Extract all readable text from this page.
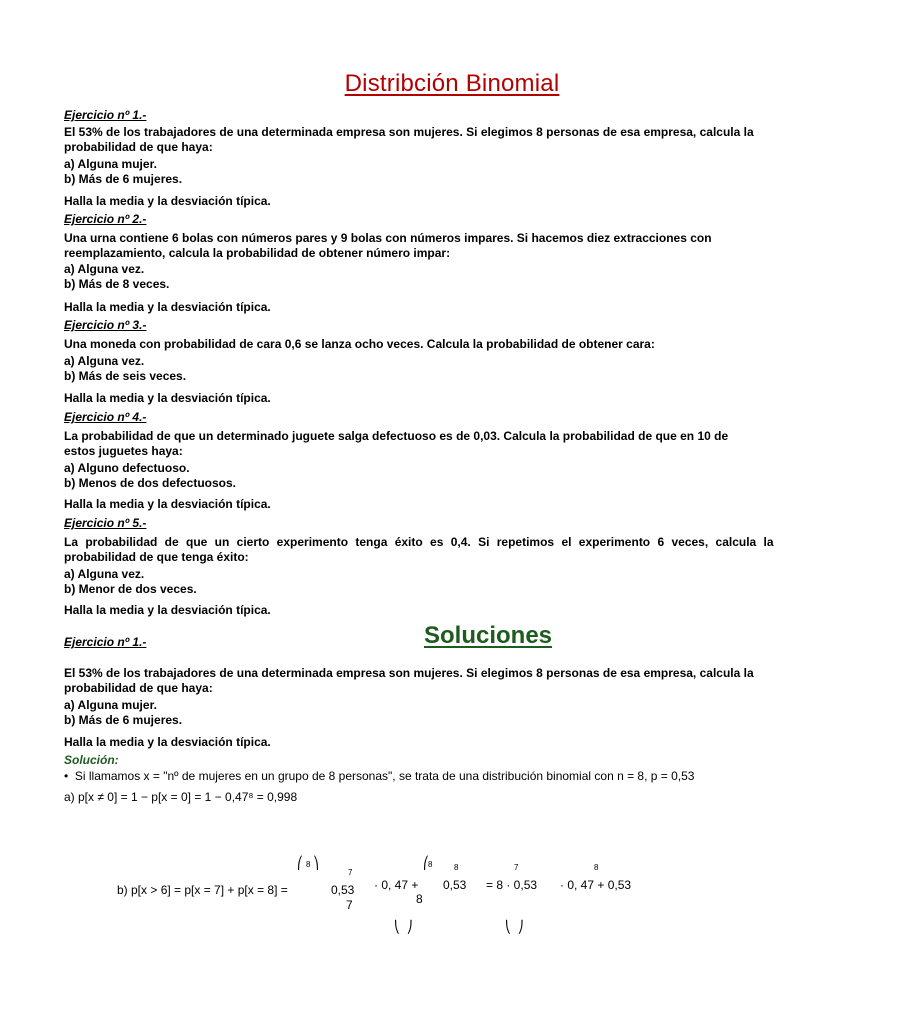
Distribción Binomial
Ejercicio nº 1.-
El 53% de los trabajadores de una determinada empresa son mujeres. Si elegimos 8 personas de esa empresa, calcula la
probabilidad de que haya:
a) Alguna mujer.
b) Más de 6 mujeres.
Halla la media y la desviación típica.
Ejercicio nº 2.-
Una urna contiene 6 bolas con números pares y 9 bolas con números impares. Si hacemos diez extracciones con
reemplazamiento, calcula la probabilidad de obtener número impar:
a) Alguna vez.
b) Más de 8 veces.
Halla la media y la desviación típica.
Ejercicio nº 3.-
Una moneda con probabilidad de cara 0,6 se lanza ocho veces. Calcula la probabilidad de obtener cara:
a) Alguna vez.
b) Más de seis veces.
Halla la media y la desviación típica.
Ejercicio nº 4.-
La probabilidad de que un determinado juguete salga defectuoso es de 0,03. Calcula la probabilidad de que en 10 de
estos juguetes haya:
a) Alguno defectuoso.
b) Menos de dos defectuosos.
Halla la media y la desviación típica.
Ejercicio nº 5.-
La probabilidad de que un cierto experimento tenga éxito es 0,4. Si repetimos el experimento 6 veces, calcula la
probabilidad de que tenga éxito:
a) Alguna vez.
b) Menor de dos veces.
Halla la media y la desviación típica.
Soluciones
Ejercicio nº 1.-
El 53% de los trabajadores de una determinada empresa son mujeres. Si elegimos 8 personas de esa empresa, calcula la
probabilidad de que haya:
a) Alguna mujer.
b) Más de 6 mujeres.
Halla la media y la desviación típica.
Solución:
• Si llamamos x = "nº de mujeres en un grupo de 8 personas", se trata de una distribución binomial con n = 8, p = 0,53
a) p[x ≠ 0] = 1 − p[x = 0] = 1 − 0,47⁸ = 0,998
b) p[x > 6] = p[x = 7] + p[x = 8] =	0,53 · 0, 47 + 0,53 = 8 · 0,53 · 0, 47 + 0,53
⎛ 8 ⎞
7
7
⎛ 8	8
8
7	8
⎝  ⎠	⎝  ⎠
